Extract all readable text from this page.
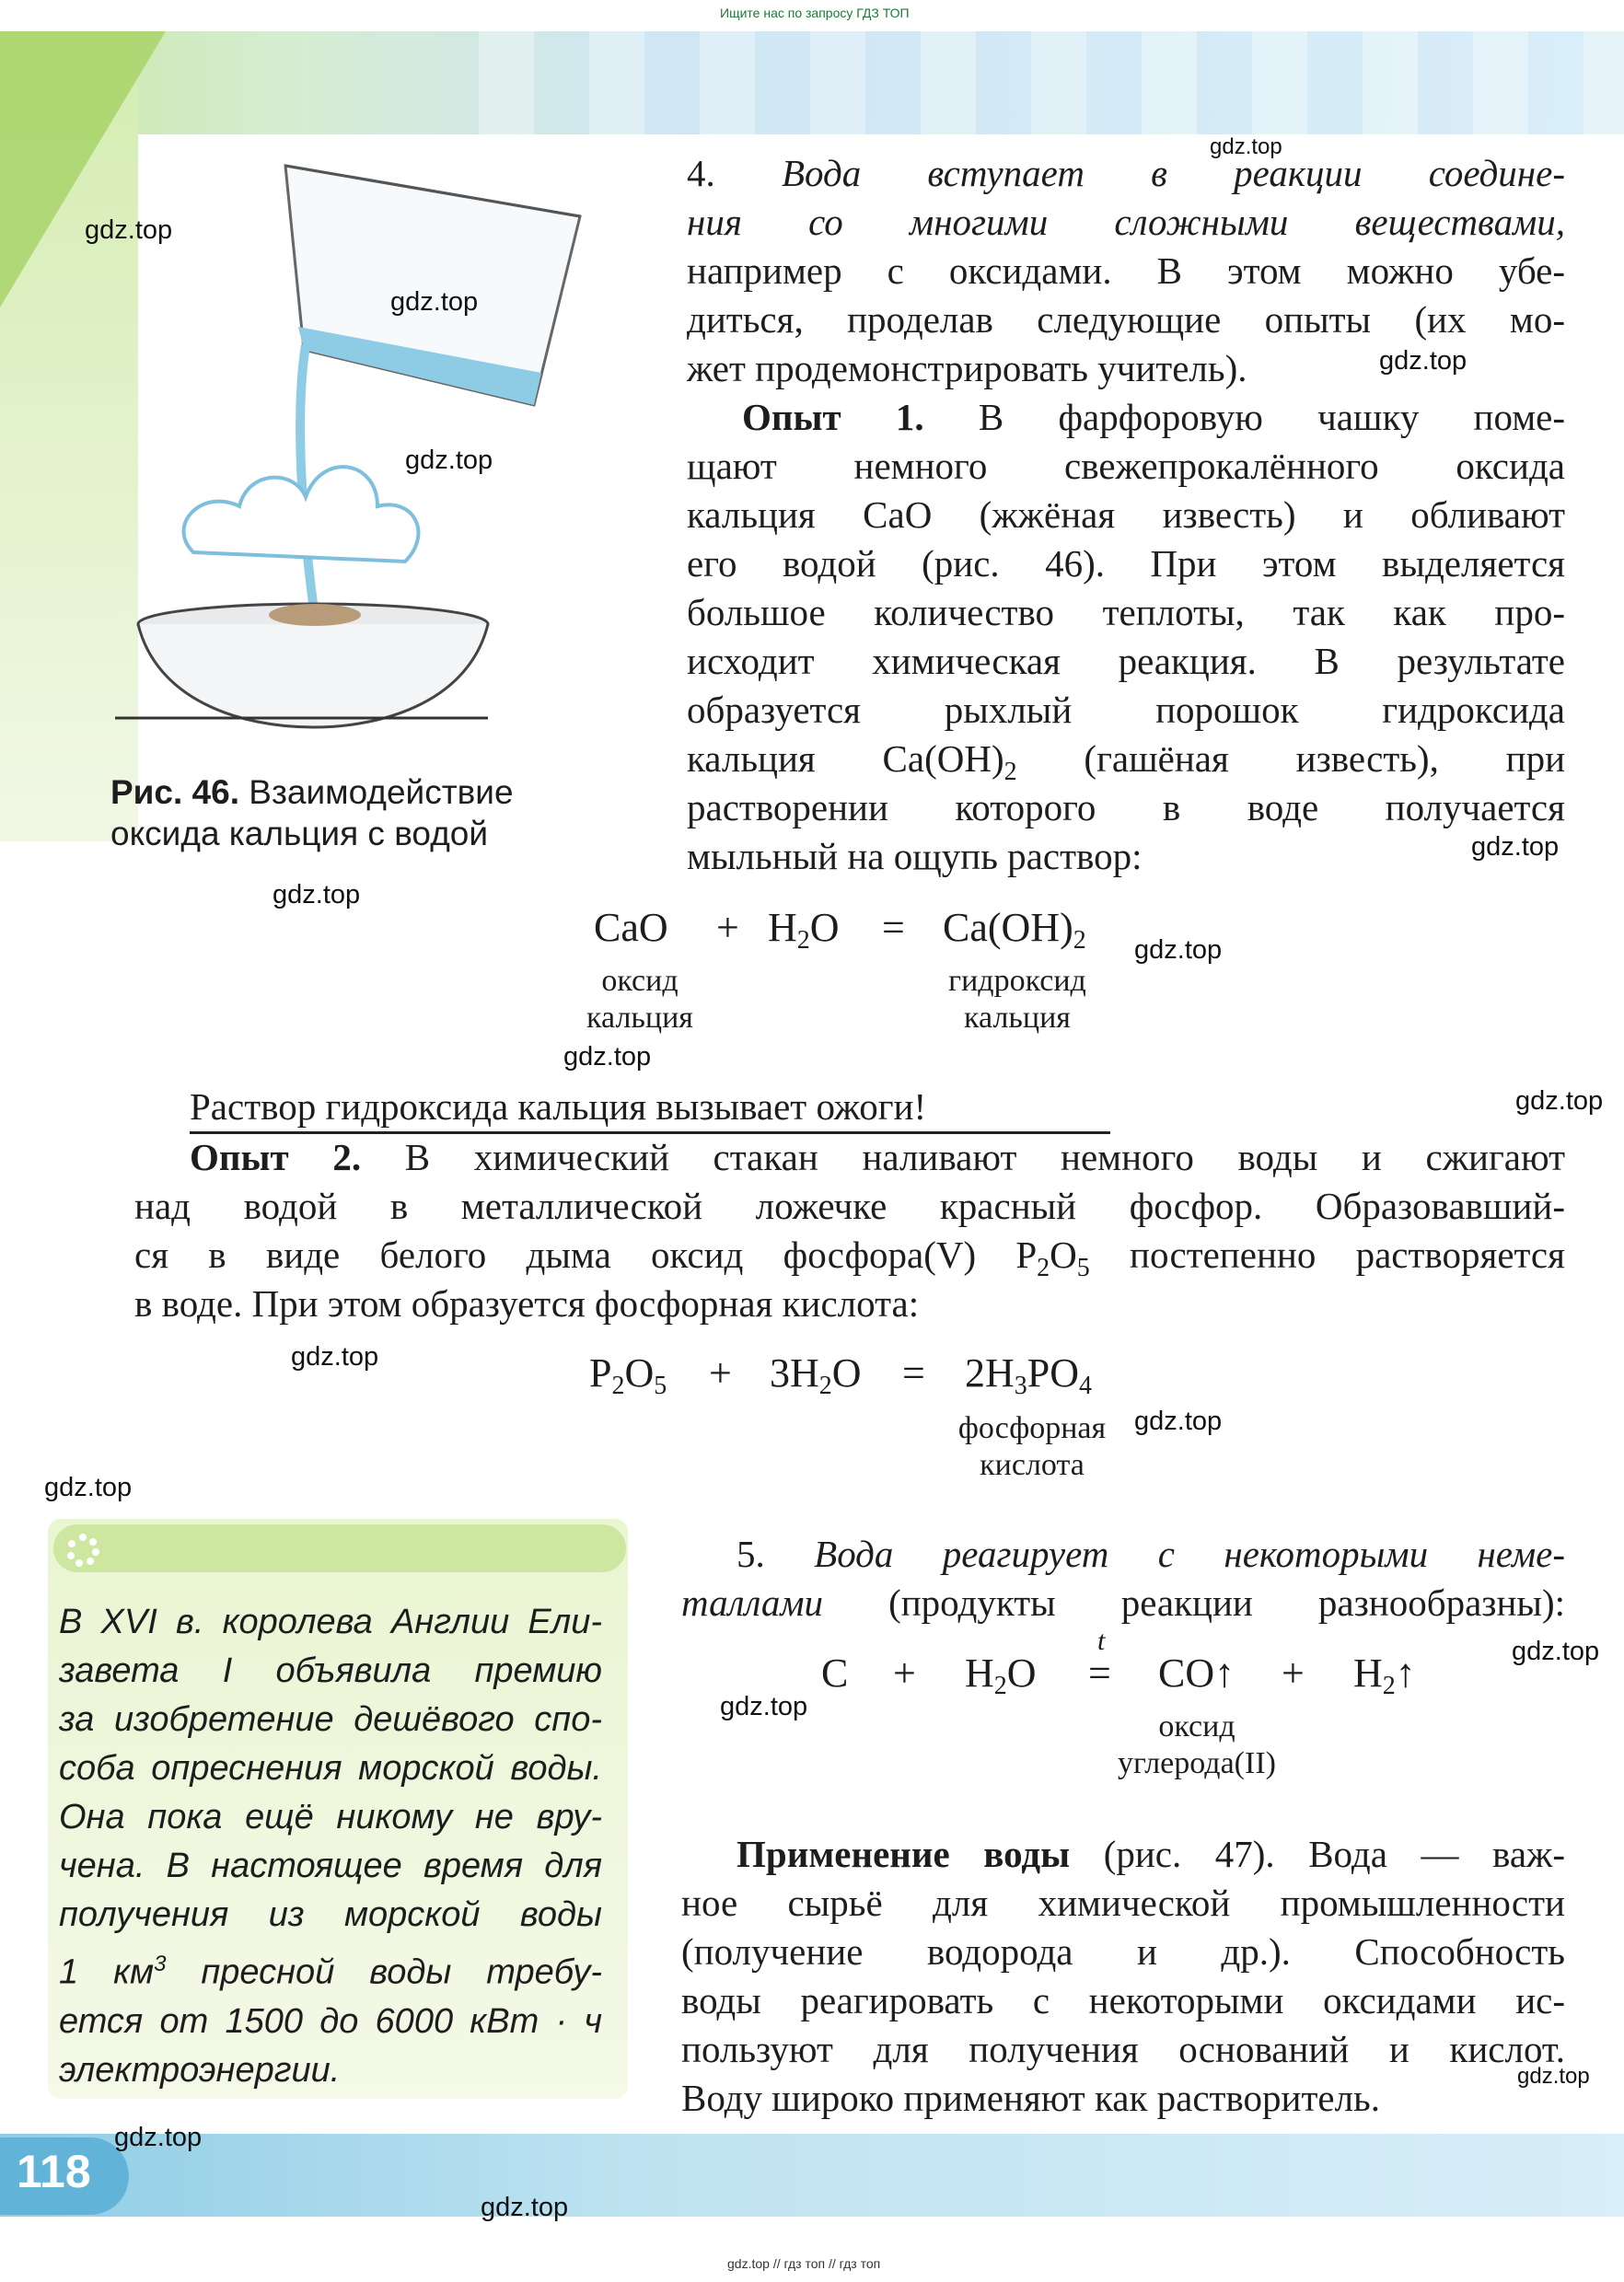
118
Ищите нас по запросу ГДЗ ТОП
Рис. 46. Взаимодействие
оксида кальция с водой
4. Вода вступает в реакции соедине-
ния со многими сложными веществами,
например с оксидами. В этом можно убе-
диться, проделав следующие опыты (их мо-
жет продемонстрировать учитель).
Опыт 1. В фарфоровую чашку поме-
щают немного свежепрокалённого оксида
кальция CaO (жжёная известь) и обливают
его водой (рис. 46). При этом выделяется
большое количество теплоты, так как про-
исходит химическая реакция. В результате
образуется рыхлый порошок гидроксида
кальция $Ca(OH)_2$ (гашёная известь), при
растворении которого в воде получается
мыльный на ощупь раствор:
CaO + $H_2O = Ca(OH)_2$
оксид
кальция
гидроксид
кальция
Раствор гидроксида кальция вызывает ожоги!
Опыт 2. В химический стакан наливают немного воды и сжигают
над водой в металлической ложечке красный фосфор. Образовавший-
ся в виде белого дыма оксид фосфора(V) $P_2O_5$ постепенно растворяется
в воде. При этом образуется фосфорная кислота:
$P_2O_5 + 3H_2O = 2H_3PO_4$
фосфорная
кислота
В XVI в. королева Англии Ели-
завета I объявила премию
за изобретение дешёвого спо-
соба опреснения морской воды.
Она пока ещё никому не вру-
чена. В настоящее время для
получения из морской воды
1 $км^3$ пресной воды требу-
ется от 1500 до 6000 кВт · ч
электроэнергии.
5. Вода реагирует с некоторыми неме-
таллами (продукты реакции разнообразны):
$C + H_2O$
t
= CO↑ + $H_2↑$
оксид
углерода(II)
Применение воды (рис. 47). Вода — важ-
ное сырьё для химической промышленности
(получение водорода и др.). Способность
воды реагировать с некоторыми оксидами ис-
пользуют для получения оснований и кислот.
Воду широко применяют как растворитель.
gdz.top
gdz.top
gdz.top
gdz.top
gdz.top
gdz.top
gdz.top
gdz.top
gdz.top
gdz.top
gdz.top
gdz.top
gdz.top
gdz.top
gdz.top
gdz.top
gdz.top
gdz.top
gdz.top // гдз топ // гдз топ
